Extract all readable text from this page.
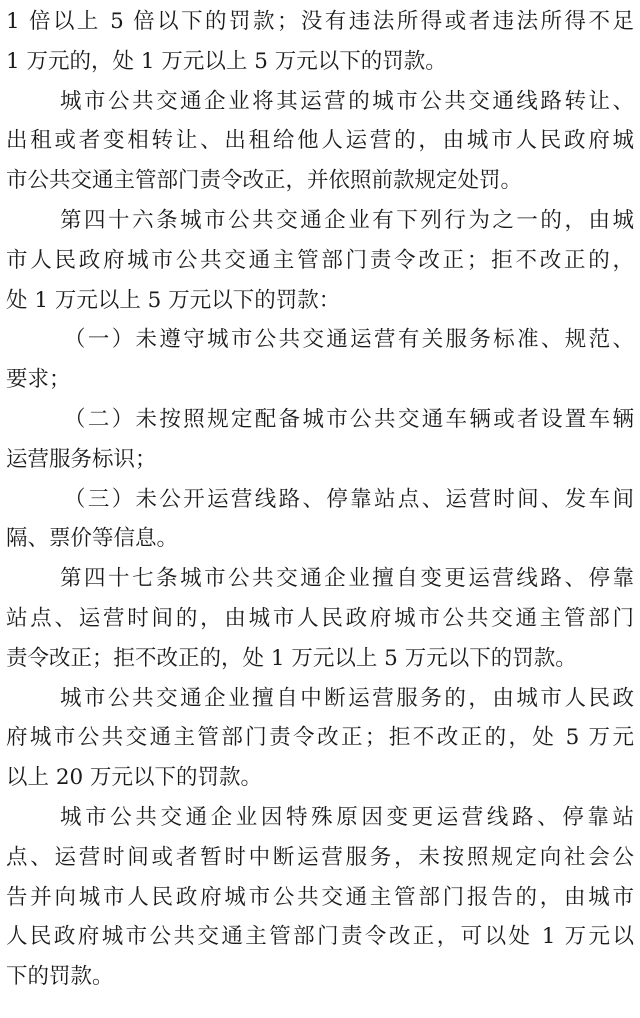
1 倍以上 5 倍以下的罚款；没有违法所得或者违法所得不足
1 万元的，处 1 万元以上 5 万元以下的罚款。
城市公共交通企业将其运营的城市公共交通线路转让、
出租或者变相转让、出租给他人运营的，由城市人民政府城
市公共交通主管部门责令改正，并依照前款规定处罚。
第四十六条城市公共交通企业有下列行为之一的，由城
市人民政府城市公共交通主管部门责令改正；拒不改正的，
处 1 万元以上 5 万元以下的罚款：
（一）未遵守城市公共交通运营有关服务标准、规范、
要求；
（二）未按照规定配备城市公共交通车辆或者设置车辆
运营服务标识；
（三）未公开运营线路、停靠站点、运营时间、发车间
隔、票价等信息。
第四十七条城市公共交通企业擅自变更运营线路、停靠
站点、运营时间的，由城市人民政府城市公共交通主管部门
责令改正；拒不改正的，处 1 万元以上 5 万元以下的罚款。
城市公共交通企业擅自中断运营服务的，由城市人民政
府城市公共交通主管部门责令改正；拒不改正的，处 5 万元
以上 20 万元以下的罚款。
城市公共交通企业因特殊原因变更运营线路、停靠站
点、运营时间或者暂时中断运营服务，未按照规定向社会公
告并向城市人民政府城市公共交通主管部门报告的，由城市
人民政府城市公共交通主管部门责令改正，可以处 1 万元以
下的罚款。
